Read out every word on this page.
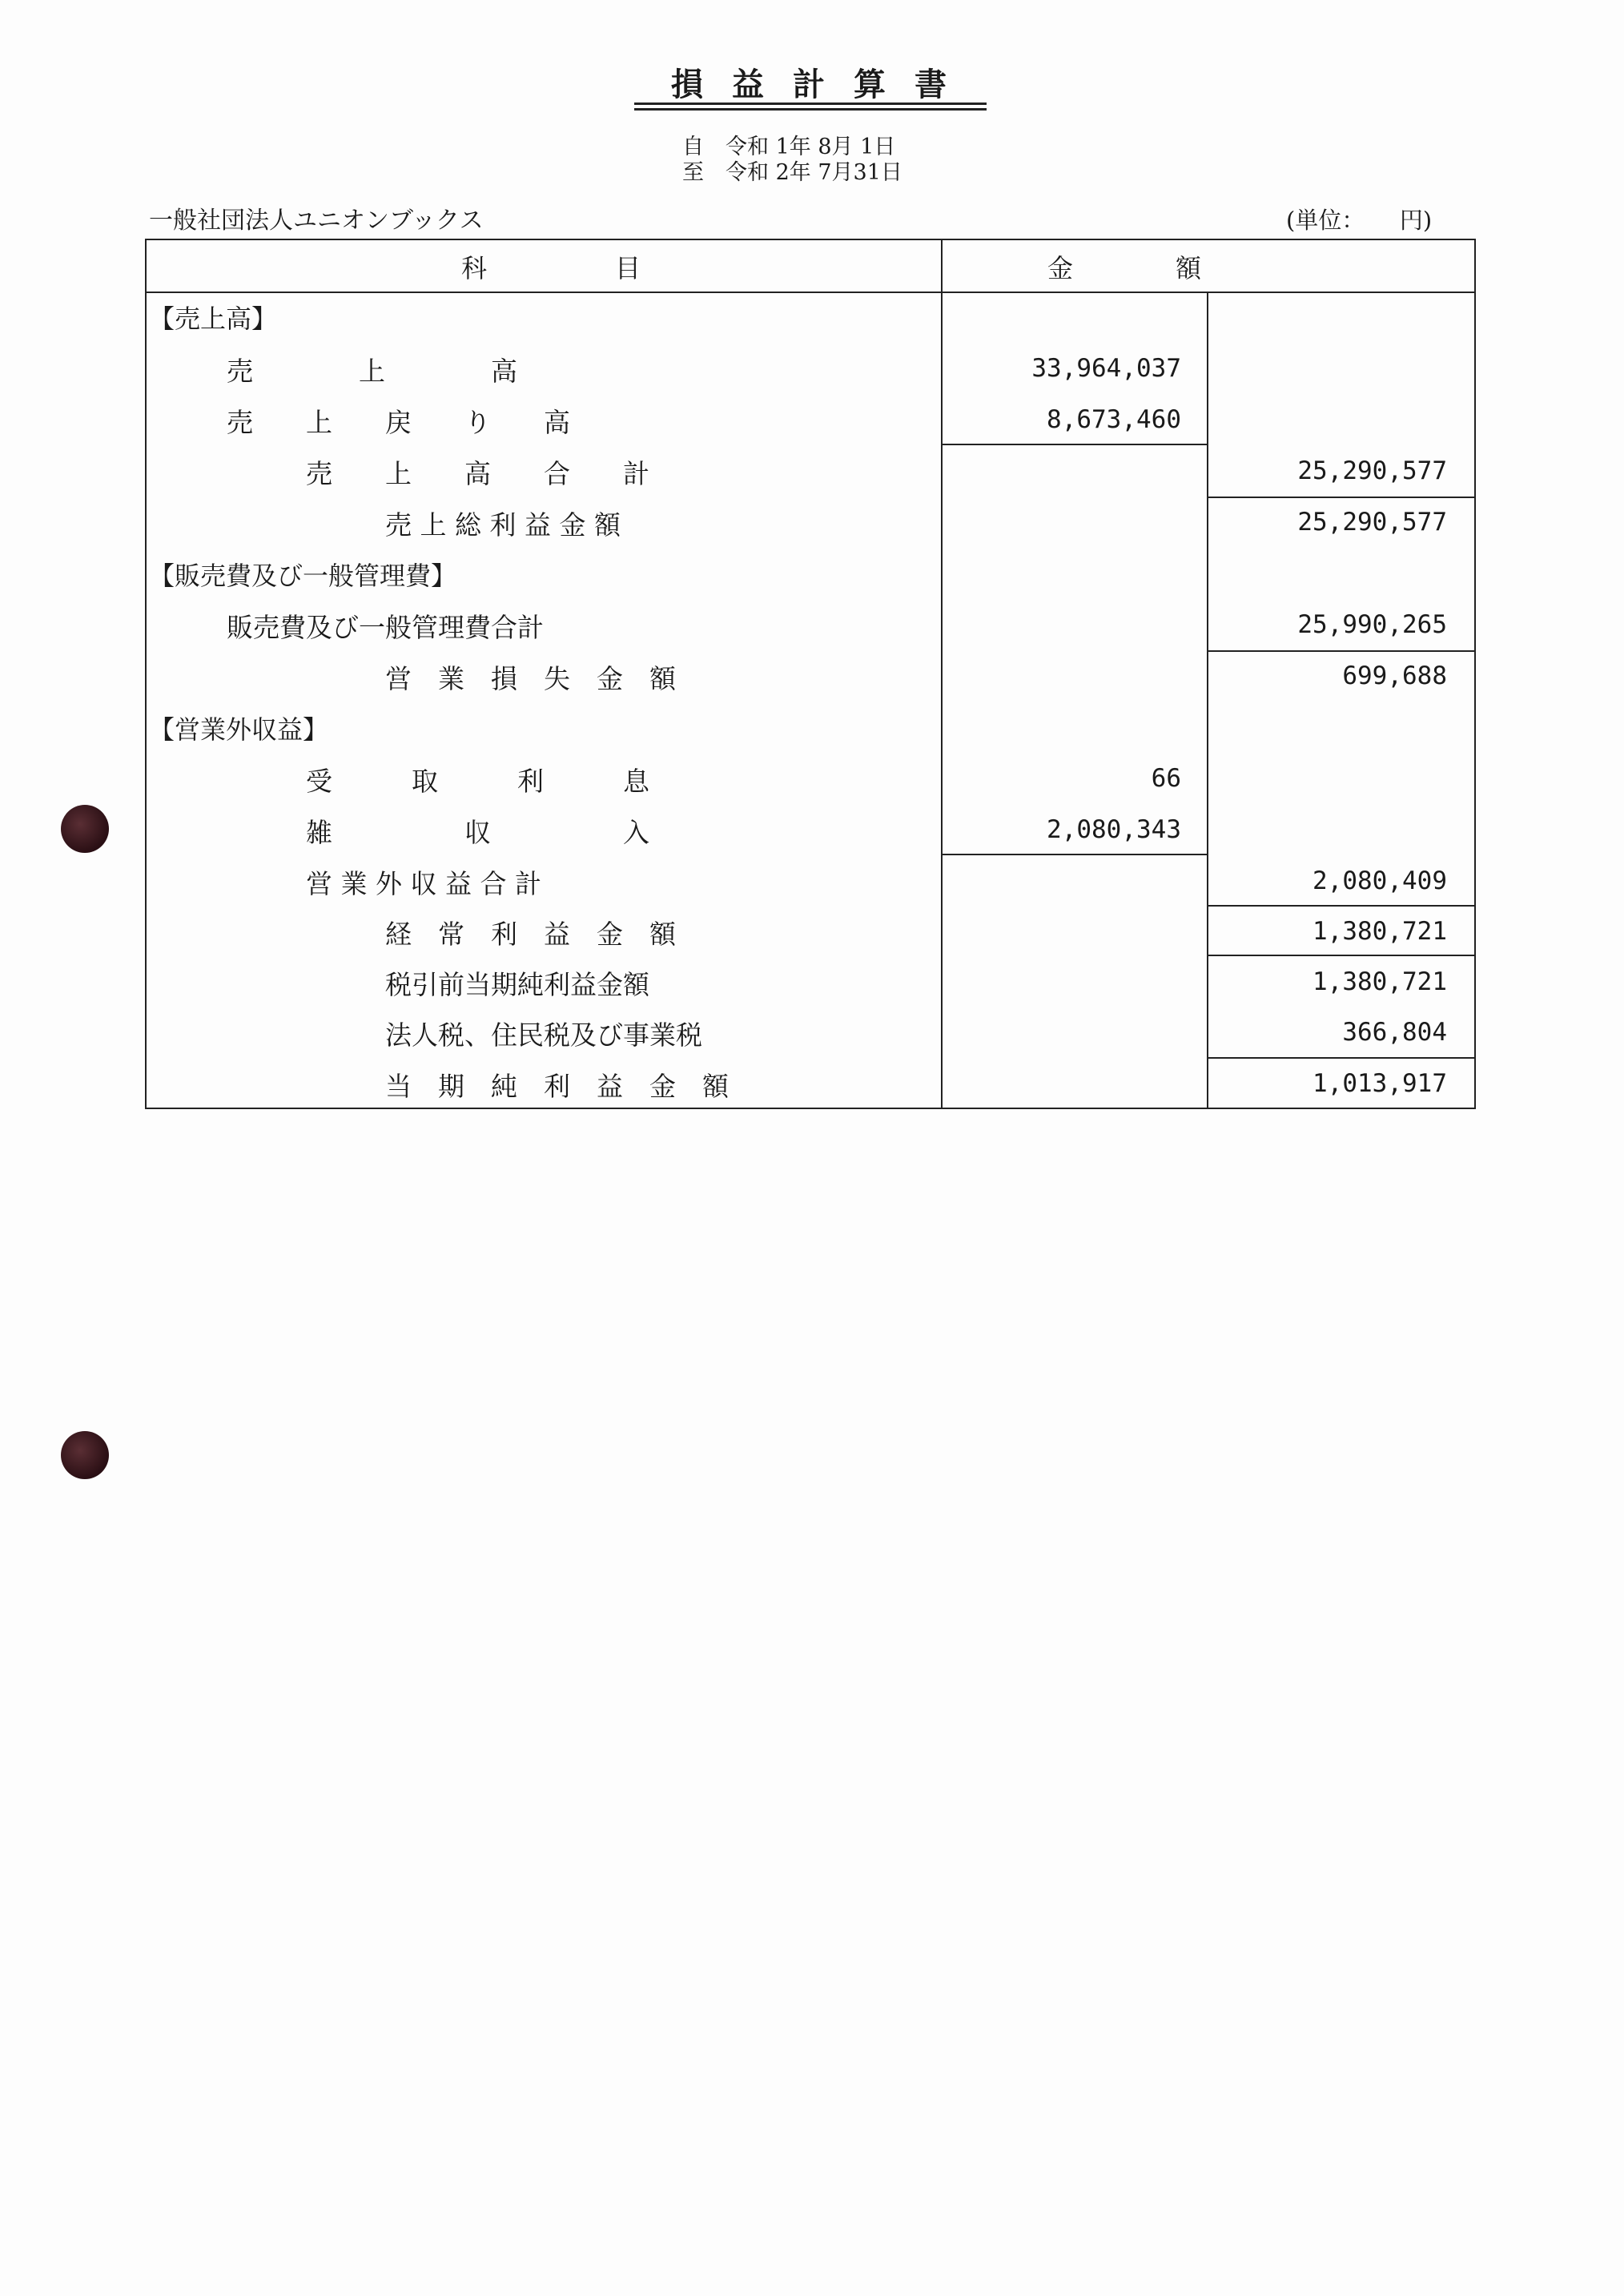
損益計算書
自　令和 1年 8月 1日
至　令和 2年 7月31日
一般社団法人ユニオンブックス	(単位：　　円)
科　　　　　目	金　　　　額
【売上高】
【販売費及び一般管理費】
【営業外収益】
売　　　　上　　　　高
売　　上　　戻　　り　　高
売　　上　　高　　合　　計
売 上 総 利 益 金 額
販売費及び一般管理費合計
営　業　損　失　金　額
受　　　取　　　利　　　息
雑　　　　　収　　　　　入
営 業 外 収 益 合 計
経　常　利　益　金　額
税引前当期純利益金額
法人税、住民税及び事業税
当　期　純　利　益　金　額
33,964,037
8,673,460
66
2,080,343
25,290,577
25,290,577
25,990,265
699,688
2,080,409
1,380,721
1,380,721
366,804
1,013,917
